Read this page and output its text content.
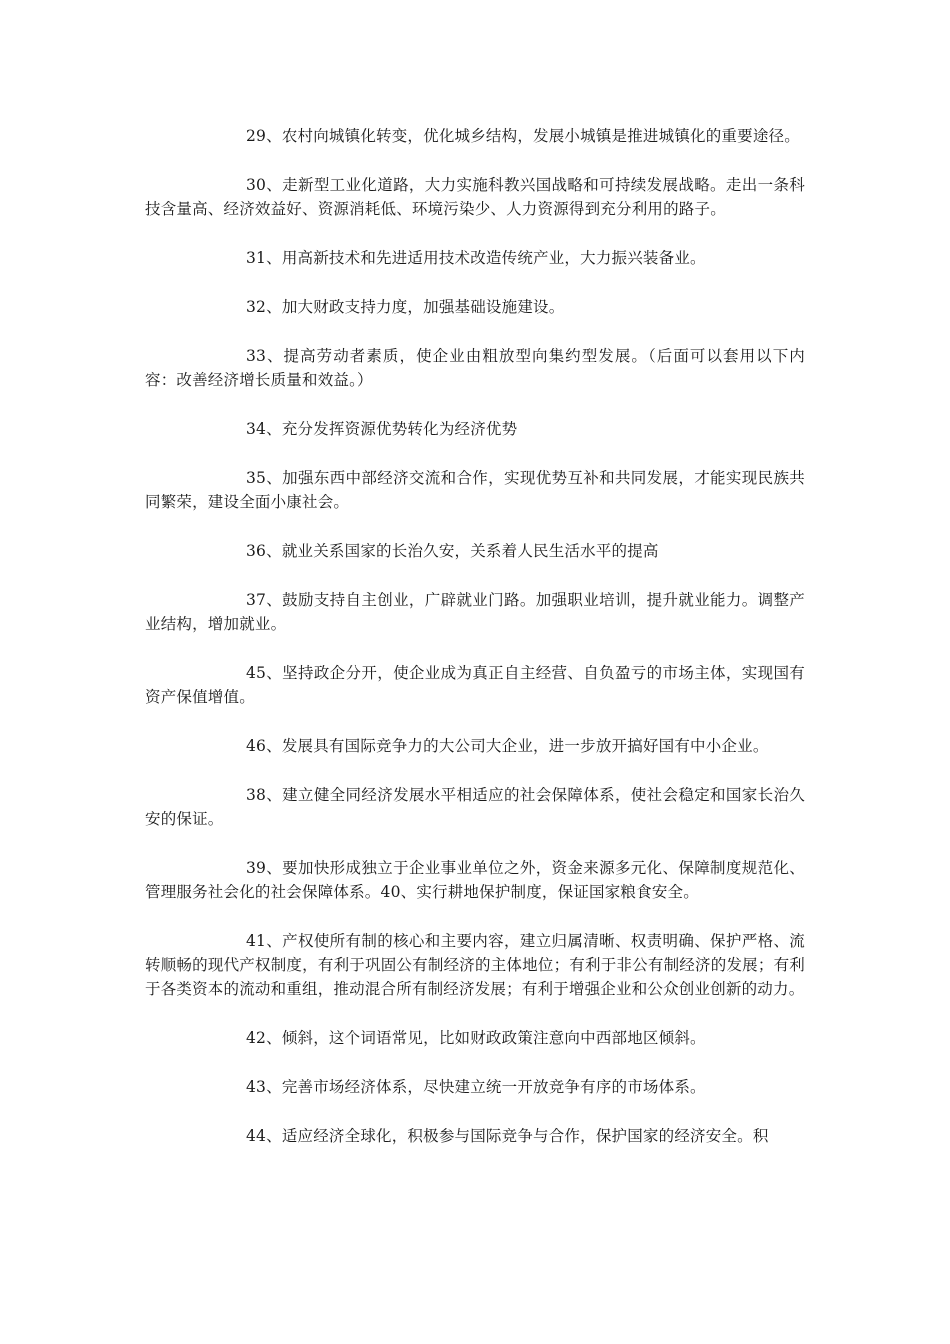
29、农村向城镇化转变，优化城乡结构，发展小城镇是推进城镇化的重要途径。

30、走新型工业化道路，大力实施科教兴国战略和可持续发展战略。走出一条科技含量高、经济效益好、资源消耗低、环境污染少、人力资源得到充分利用的路子。

31、用高新技术和先进适用技术改造传统产业，大力振兴装备业。

32、加大财政支持力度，加强基础设施建设。

33、提高劳动者素质，使企业由粗放型向集约型发展。（后面可以套用以下内容：改善经济增长质量和效益。）

34、充分发挥资源优势转化为经济优势

35、加强东西中部经济交流和合作，实现优势互补和共同发展，才能实现民族共同繁荣，建设全面小康社会。

36、就业关系国家的长治久安，关系着人民生活水平的提高

37、鼓励支持自主创业，广辟就业门路。加强职业培训，提升就业能力。调整产业结构，增加就业。

45、坚持政企分开，使企业成为真正自主经营、自负盈亏的市场主体，实现国有资产保值增值。

46、发展具有国际竞争力的大公司大企业，进一步放开搞好国有中小企业。

38、建立健全同经济发展水平相适应的社会保障体系，使社会稳定和国家长治久安的保证。

39、要加快形成独立于企业事业单位之外，资金来源多元化、保障制度规范化、管理服务社会化的社会保障体系。40、实行耕地保护制度，保证国家粮食安全。

41、产权使所有制的核心和主要内容，建立归属清晰、权责明确、保护严格、流转顺畅的现代产权制度，有利于巩固公有制经济的主体地位；有利于非公有制经济的发展；有利于各类资本的流动和重组，推动混合所有制经济发展；有利于增强企业和公众创业创新的动力。

42、倾斜，这个词语常见，比如财政政策注意向中西部地区倾斜。

43、完善市场经济体系，尽快建立统一开放竞争有序的市场体系。

44、适应经济全球化，积极参与国际竞争与合作，保护国家的经济安全。积
